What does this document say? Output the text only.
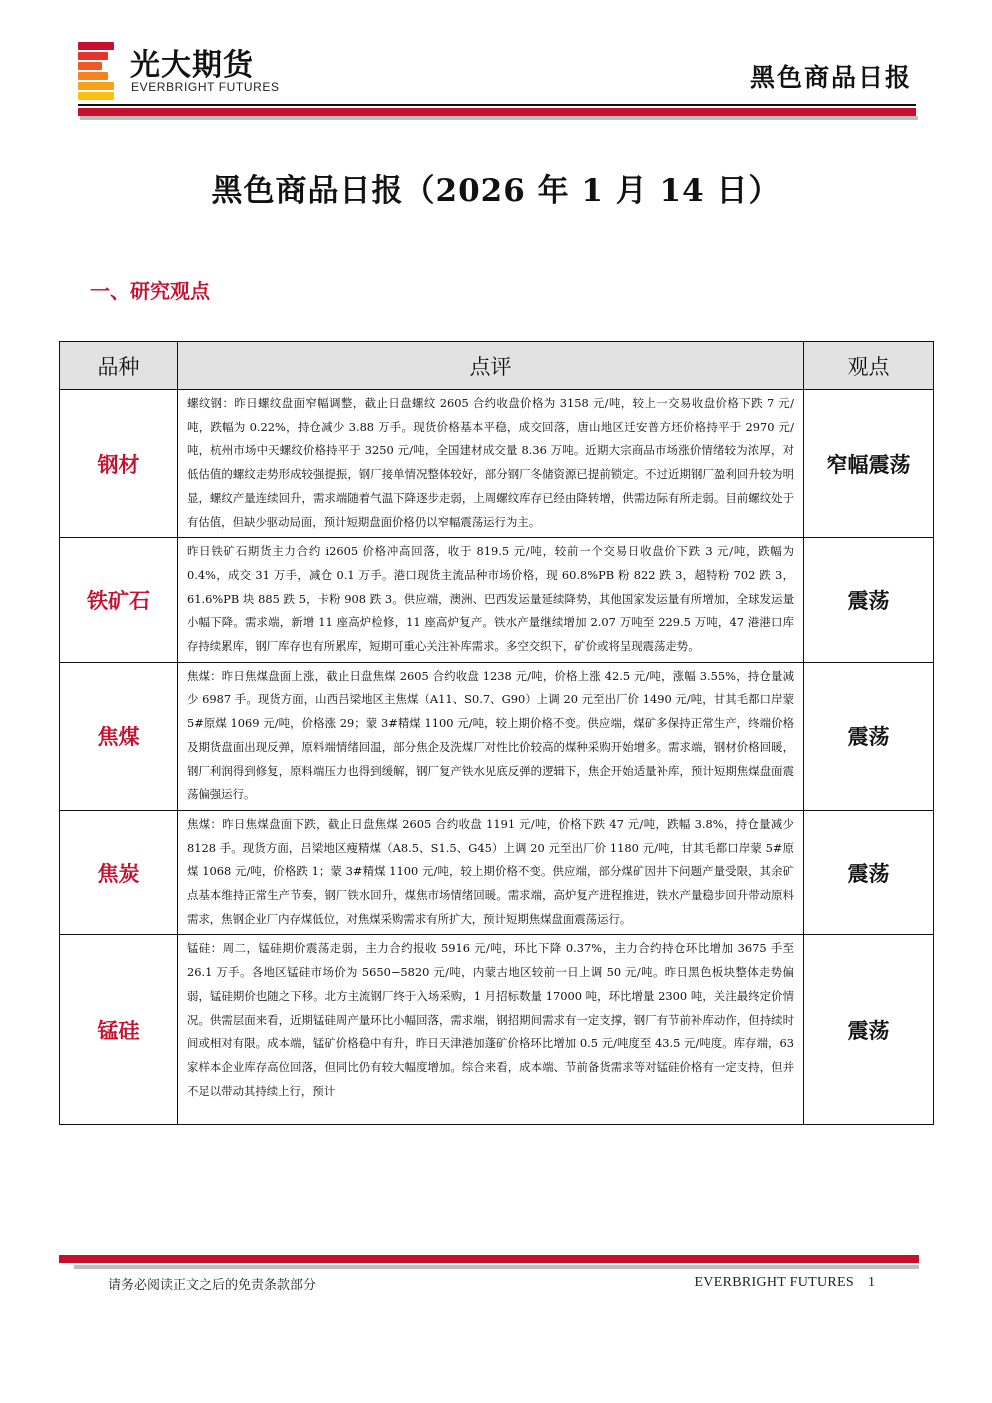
光大期货
EVERBRIGHT FUTURES	黑色商品日报
黑色商品日报（2026 年 1 月 14 日）
一、研究观点
品种	点评	观点
钢材	螺纹钢：昨日螺纹盘面窄幅调整，截止日盘螺纹 2605 合约收盘价格为 3158 元/吨，较上一交易收盘价格下跌 7 元/吨，跌幅为 0.22%，持仓减少 3.88 万手。现货价格基本平稳，成交回落，唐山地区迁安普方坯价格持平于 2970 元/吨，杭州市场中天螺纹价格持平于 3250 元/吨，全国建材成交量 8.36 万吨。近期大宗商品市场涨价情绪较为浓厚，对低估值的螺纹走势形成较强提振，钢厂接单情况整体较好，部分钢厂冬储资源已提前锁定。不过近期钢厂盈利回升较为明显，螺纹产量连续回升，需求端随着气温下降逐步走弱，上周螺纹库存已经由降转增，供需边际有所走弱。目前螺纹处于有估值，但缺少驱动局面，预计短期盘面价格仍以窄幅震荡运行为主。	窄幅震荡
铁矿石	昨日铁矿石期货主力合约 i2605 价格冲高回落，收于 819.5 元/吨，较前一个交易日收盘价下跌 3 元/吨，跌幅为 0.4%，成交 31 万手，减仓 0.1 万手。港口现货主流品种市场价格，现 60.8%PB 粉 822 跌 3，超特粉 702 跌 3，61.6%PB 块 885 跌 5，卡粉 908 跌 3。供应端，澳洲、巴西发运量延续降势，其他国家发运量有所增加，全球发运量小幅下降。需求端，新增 11 座高炉检修，11 座高炉复产。铁水产量继续增加 2.07 万吨至 229.5 万吨，47 港港口库存持续累库，钢厂库存也有所累库，短期可重心关注补库需求。多空交织下，矿价或将呈现震荡走势。	震荡
焦煤	焦煤：昨日焦煤盘面上涨，截止日盘焦煤 2605 合约收盘 1238 元/吨，价格上涨 42.5 元/吨，涨幅 3.55%，持仓量减少 6987 手。现货方面，山西吕梁地区主焦煤（A11、S0.7、G90）上调 20 元至出厂价 1490 元/吨，甘其毛都口岸蒙 5#原煤 1069 元/吨，价格涨 29；蒙 3#精煤 1100 元/吨，较上期价格不变。供应端，煤矿多保持正常生产，终端价格及期货盘面出现反弹，原料端情绪回温，部分焦企及洗煤厂对性比价较高的煤种采购开始增多。需求端，钢材价格回暖，钢厂利润得到修复，原料端压力也得到缓解，钢厂复产铁水见底反弹的逻辑下，焦企开始适量补库，预计短期焦煤盘面震荡偏强运行。	震荡
焦炭	焦煤：昨日焦煤盘面下跌，截止日盘焦煤 2605 合约收盘 1191 元/吨，价格下跌 47 元/吨，跌幅 3.8%，持仓量减少 8128 手。现货方面，吕梁地区瘦精煤（A8.5、S1.5、G45）上调 20 元至出厂价 1180 元/吨，甘其毛都口岸蒙 5#原煤 1068 元/吨，价格跌 1；蒙 3#精煤 1100 元/吨，较上期价格不变。供应端，部分煤矿因井下问题产量受限，其余矿点基本维持正常生产节奏，钢厂铁水回升，煤焦市场情绪回暖。需求端，高炉复产进程推进，铁水产量稳步回升带动原料需求，焦钢企业厂内存煤低位，对焦煤采购需求有所扩大，预计短期焦煤盘面震荡运行。	震荡
锰硅	锰硅：周二，锰硅期价震荡走弱，主力合约报收 5916 元/吨，环比下降 0.37%，主力合约持仓环比增加 3675 手至 26.1 万手。各地区锰硅市场价为 5650−5820 元/吨，内蒙古地区较前一日上调 50 元/吨。昨日黑色板块整体走势偏弱，锰硅期价也随之下移。北方主流钢厂终于入场采购，1 月招标数量 17000 吨，环比增量 2300 吨，关注最终定价情况。供需层面来看，近期锰硅周产量环比小幅回落，需求端，钢招期间需求有一定支撑，钢厂有节前补库动作，但持续时间或相对有限。成本端，锰矿价格稳中有升，昨日天津港加蓬矿价格环比增加 0.5 元/吨度至 43.5 元/吨度。库存端，63 家样本企业库存高位回落，但同比仍有较大幅度增加。综合来看，成本端、节前备货需求等对锰硅价格有一定支持，但并不足以带动其持续上行，预计	震荡
请务必阅读正文之后的免责条款部分	EVERBRIGHT FUTURES 1
